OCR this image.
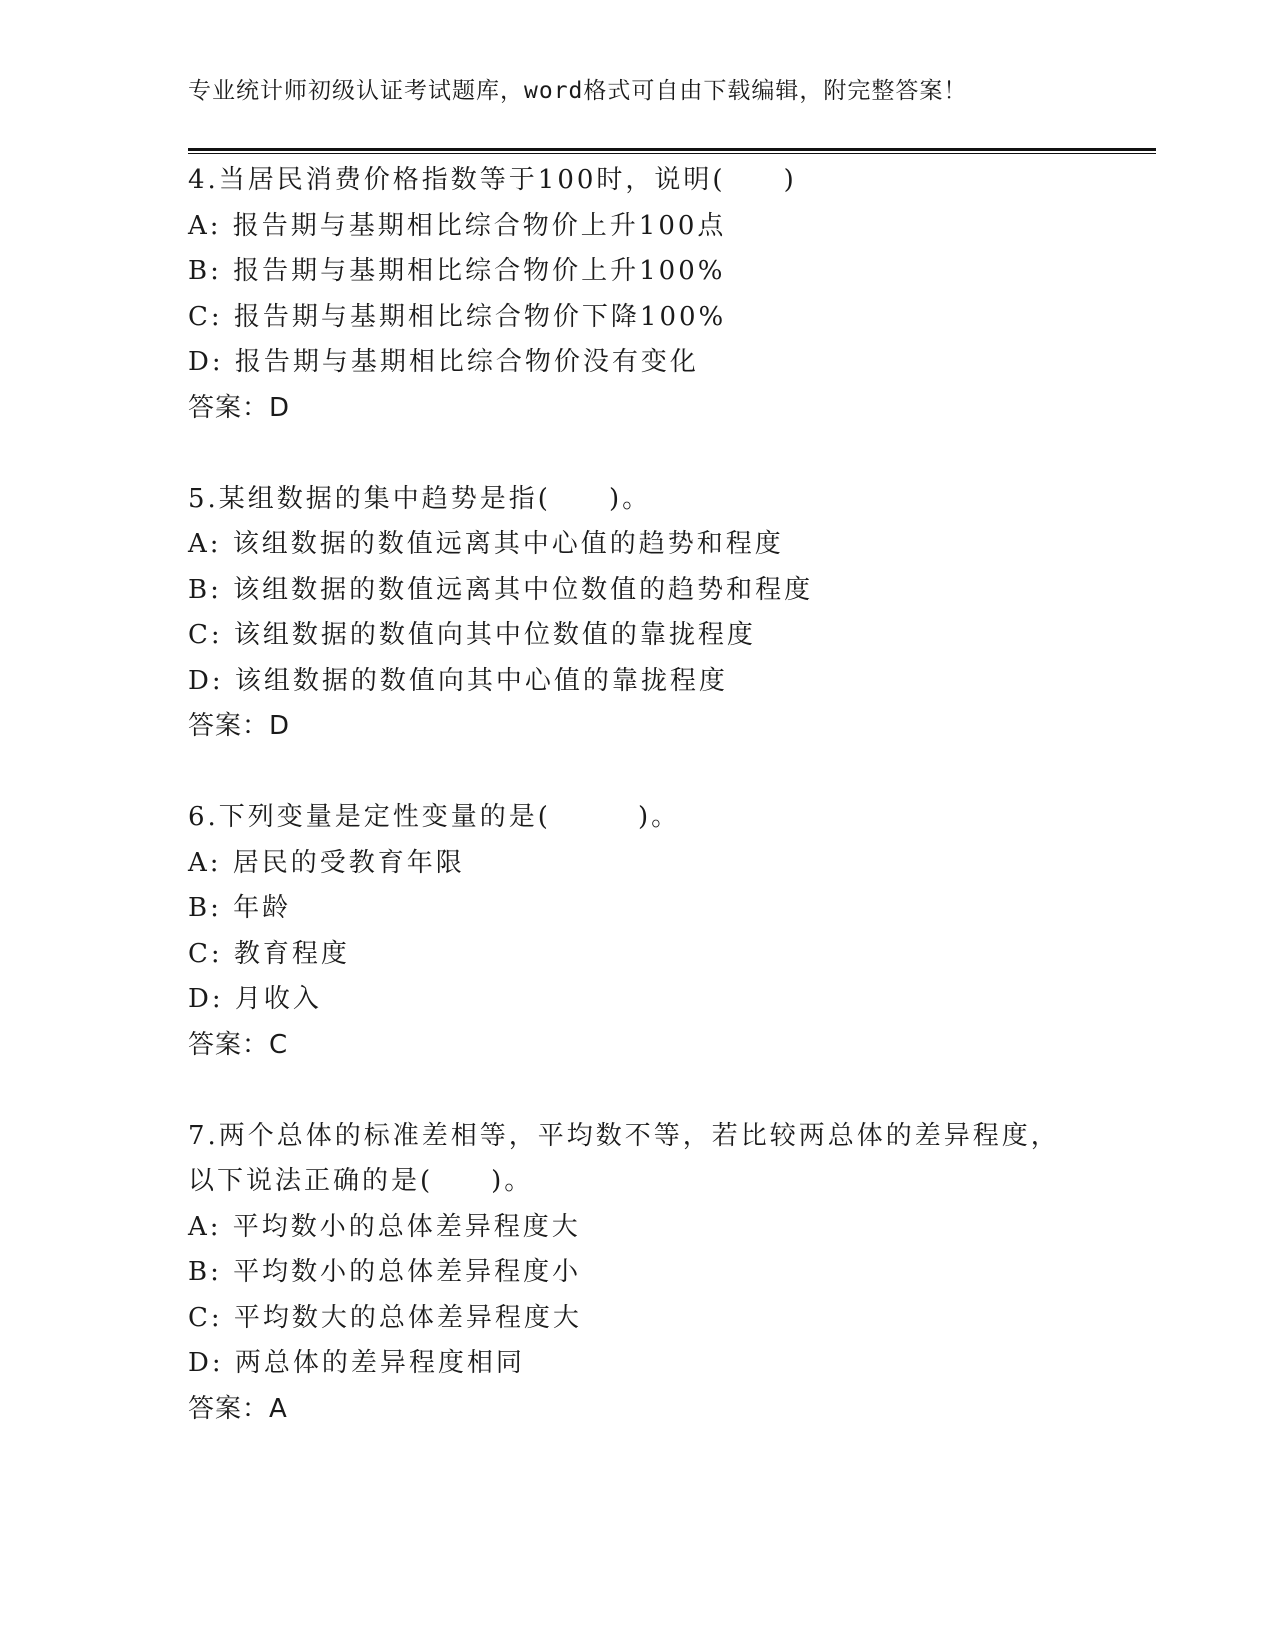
专业统计师初级认证考试题库，word格式可自由下载编辑，附完整答案！
4.当居民消费价格指数等于100时，说明(　　)
A: 报告期与基期相比综合物价上升100点
B: 报告期与基期相比综合物价上升100%
C: 报告期与基期相比综合物价下降100%
D: 报告期与基期相比综合物价没有变化
答案：D
5.某组数据的集中趋势是指(　　)。
A: 该组数据的数值远离其中心值的趋势和程度
B: 该组数据的数值远离其中位数值的趋势和程度
C: 该组数据的数值向其中位数值的靠拢程度
D: 该组数据的数值向其中心值的靠拢程度
答案：D
6.下列变量是定性变量的是(　　　)。
A: 居民的受教育年限
B: 年龄
C: 教育程度
D: 月收入
答案：C
7.两个总体的标准差相等，平均数不等，若比较两总体的差异程度，
以下说法正确的是(　　)。
A: 平均数小的总体差异程度大
B: 平均数小的总体差异程度小
C: 平均数大的总体差异程度大
D: 两总体的差异程度相同
答案：A
